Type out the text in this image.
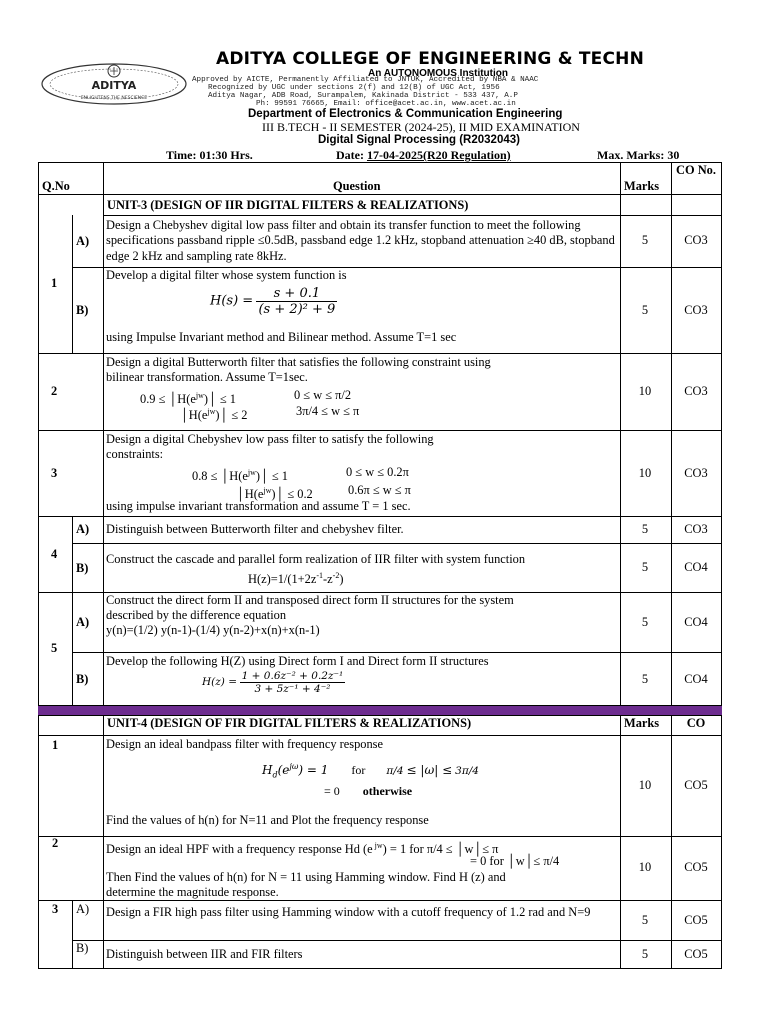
ADITYA
ENLIGHTENS THE NESCIENCE
ADITYA COLLEGE OF ENGINEERING & TECHN
An AUTONOMOUS Institution
Approved by AICTE, Permanently Affiliated to JNTUK, Accredited by NBA & NAAC
Recognized by UGC under sections 2(f) and 12(B) of UGC Act, 1956
Aditya Nagar, ADB Road, Surampalem, Kakinada District - 533 437, A.P
Ph: 99591 76665, Email: office@acet.ac.in, www.acet.ac.in
Department of Electronics & Communication Engineering
III B.TECH - II SEMESTER (2024-25), II MID EXAMINATION
Digital Signal Processing (R2032043)
Time: 01:30 Hrs.	Date: 17-04-2025(R20 Regulation)	Max. Marks: 30
Q.No	Question	Marks
CO No.
UNIT-3 (DESIGN OF IIR DIGITAL FILTERS & REALIZATIONS)
1
A)
Design a Chebyshev digital low pass filter and obtain its transfer function to meet the following specifications passband ripple ≤0.5dB, passband edge 1.2 kHz, stopband attenuation ≥40 dB, stopband edge 2 kHz and sampling rate 8kHz.
5	CO3
B)
Develop a digital filter whose system function is
$H(s) = \frac{s + 0.1}{\text{(s + 2)² + 9}}$
using Impulse Invariant method and Bilinear method. Assume T=1 sec
5	CO3
2
Design a digital Butterworth filter that satisfies the following constraint using
bilinear transformation. Assume T=1sec.
$0.9 \le │H(e^{jw})│ \le 1$	0 ≤ w ≤ π/2
$│H(e^{jw})│ \le 2$	3π/4 ≤ w ≤ π
10	CO3
3
Design a digital Chebyshev low pass filter to satisfy the following
constraints:
$0.8 \le │H(e^{jw})│ \le 1$	0 ≤ w ≤ 0.2π
$│H(e^{jw})│ \le 0.2$	0.6π ≤ w ≤ π
using impulse invariant transformation and assume T = 1 sec.
10	CO3
4
A) Distinguish between Butterworth filter and chebyshev filter.	5	CO3
B)
Construct the cascade and parallel form realization of IIR filter with system function
$H(z)=1/(1+2z^{-1}-z^{-2})$
5	CO4
5
A)
Construct the direct form II and transposed direct form II structures for the system
described by the difference equation
y(n)=(1/2) y(n-1)-(1/4) y(n-2)+x(n)+x(n-1)
5	CO4
B)
Develop the following H(Z) using Direct form I and Direct form II structures
$H(z) = \frac{\text{1 + 0.6z⁻² + 0.2z⁻¹}}{\text{3 + 5z⁻¹ + 4⁻²}}$	5	CO4
UNIT-4 (DESIGN OF FIR DIGITAL FILTERS & REALIZATIONS)	Marks	CO
1	Design an ideal bandpass filter with frequency response
$H_d(e^{j\omega}) = 1$ for π/4 ≤ |ω| ≤ 3π/4
= 0 otherwise
Find the values of h(n) for N=11 and Plot the frequency response
10	CO5
2	Design an ideal HPF with a frequency response Hd (e $^{jw}$) = 1 for π/4 ≤ │w│≤ π
= 0 for │w│≤ π/4
Then Find the values of h(n) for N = 11 using Hamming window. Find H (z) and
determine the magnitude response.
10	CO5
3 A) Design a FIR high pass filter using Hamming window with a cutoff frequency of 1.2 rad and N=9
5	CO5
B) Distinguish between IIR and FIR filters	5	CO5
